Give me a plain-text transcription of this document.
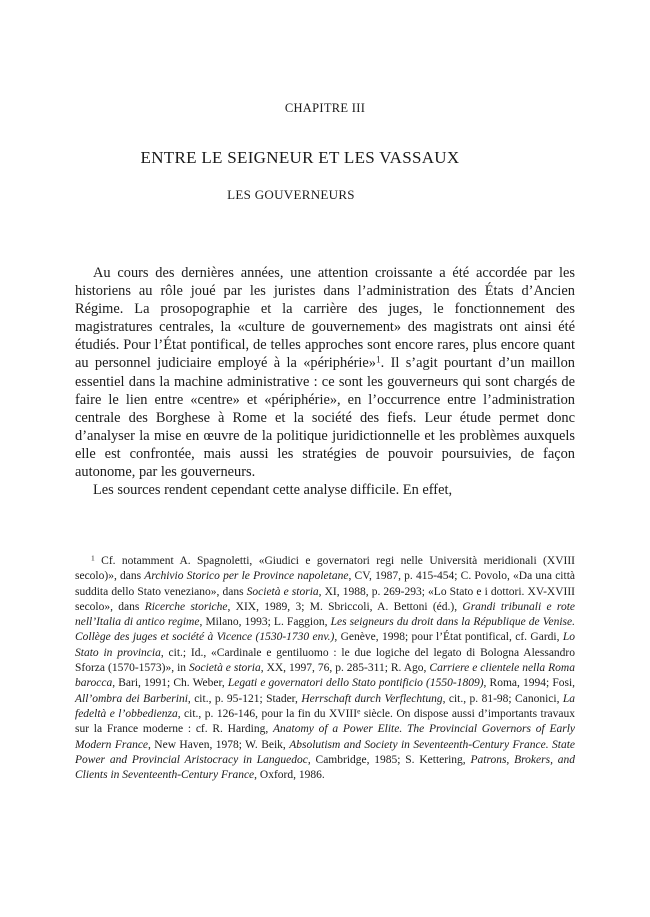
CHAPITRE III
ENTRE LE SEIGNEUR ET LES VASSAUX
LES GOUVERNEURS

Au cours des dernières années, une attention croissante a été accordée par les historiens au rôle joué par les juristes dans l’administration des États d’Ancien Régime. La prosopographie et la carrière des juges, le fonctionnement des magistratures centrales, la «culture de gouvernement» des magistrats ont ainsi été étudiés. Pour l’État pontifical, de telles approches sont encore rares, plus encore quant au personnel judiciaire employé à la «périphérie»$^1$. Il s’agit pourtant d’un maillon essentiel dans la machine administrative : ce sont les gouverneurs qui sont chargés de faire le lien entre «centre» et «périphérie», en l’occurrence entre l’administration centrale des Borghese à Rome et la société des fiefs. Leur étude permet donc d’analyser la mise en œuvre de la politique juridictionnelle et les problèmes auxquels elle est confrontée, mais aussi les stratégies de pouvoir poursuivies, de façon autonome, par les gouverneurs.

Les sources rendent cependant cette analyse difficile. En effet,

$^1$ Cf. notamment A. Spagnoletti, «Giudici e governatori regi nelle Università meridionali (XVIII secolo)», dans Archivio Storico per le Province napoletane, CV, 1987, p. 415-454; C. Povolo, «Da una città suddita dello Stato veneziano», dans Società e storia, XI, 1988, p. 269-293; «Lo Stato e i dottori. XV-XVIII secolo», dans Ricerche storiche, XIX, 1989, 3; M. Sbriccoli, A. Bettoni (éd.), Grandi tribunali e rote nell’Italia di antico regime, Milano, 1993; L. Faggion, Les seigneurs du droit dans la République de Venise. Collège des juges et société à Vicence (1530-1730 env.), Genève, 1998; pour l’État pontifical, cf. Gardi, Lo Stato in provincia, cit.; Id., «Cardinale e gentiluomo : le due logiche del legato di Bologna Alessandro Sforza (1570-1573)», in Società e storia, XX, 1997, 76, p. 285-311; R. Ago, Carriere e clientele nella Roma barocca, Bari, 1991; Ch. Weber, Legati e governatori dello Stato pontificio (1550-1809), Roma, 1994; Fosi, All’ombra dei Barberini, cit., p. 95-121; Stader, Herrschaft durch Verflechtung, cit., p. 81-98; Canonici, La fedeltà e l’obbedienza, cit., p. 126-146, pour la fin du XVIIIe siècle. On dispose aussi d’importants travaux sur la France moderne : cf. R. Harding, Anatomy of a Power Elite. The Provincial Governors of Early Modern France, New Haven, 1978; W. Beik, Absolutism and Society in Seventeenth-Century France. State Power and Provincial Aristocracy in Languedoc, Cambridge, 1985; S. Kettering, Patrons, Brokers, and Clients in Seventeenth-Century France, Oxford, 1986.
